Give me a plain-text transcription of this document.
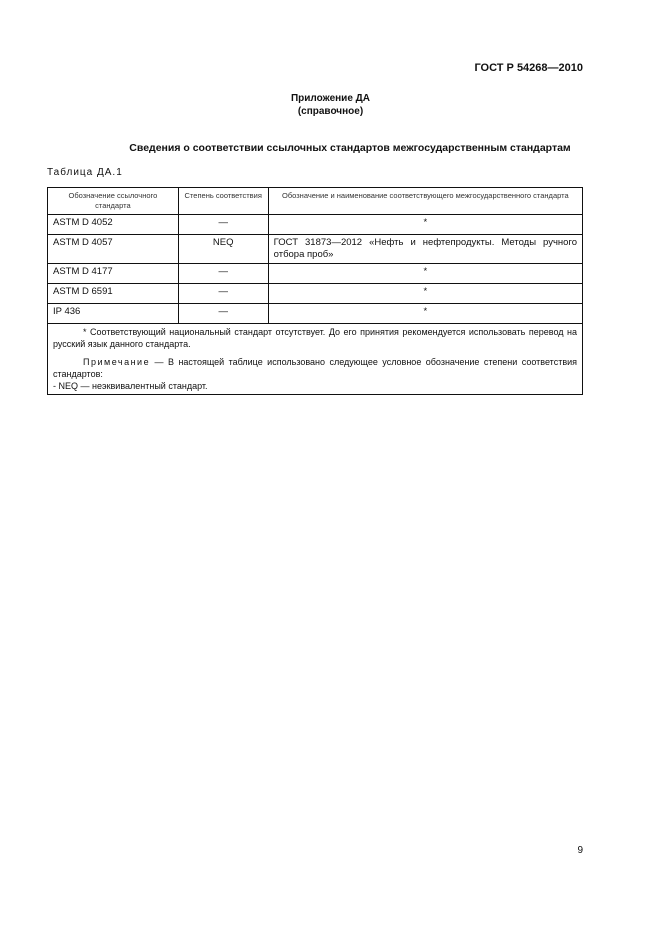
ГОСТ Р 54268—2010
Приложение ДА
(справочное)
Сведения о соответствии ссылочных стандартов межгосударственным стандартам
Таблица ДА.1
Обозначение ссылочного стандарта	Степень соответствия	Обозначение и наименование соответствующего межгосударственного стандарта
ASTM D 4052	—	*
ASTM D 4057	NEQ	ГОСТ 31873—2012 «Нефть и нефтепродукты. Методы ручного отбора проб»
ASTM D 4177	—	*
ASTM D 6591	—	*
IP 436	—	*

* Соответствующий национальный стандарт отсутствует. До его принятия рекомендуется использовать перевод на русский язык данного стандарта.
Примечание — В настоящей таблице использовано следующее условное обозначение степени соответствия стандартов:
- NEQ — неэквивалентный стандарт.		
9
